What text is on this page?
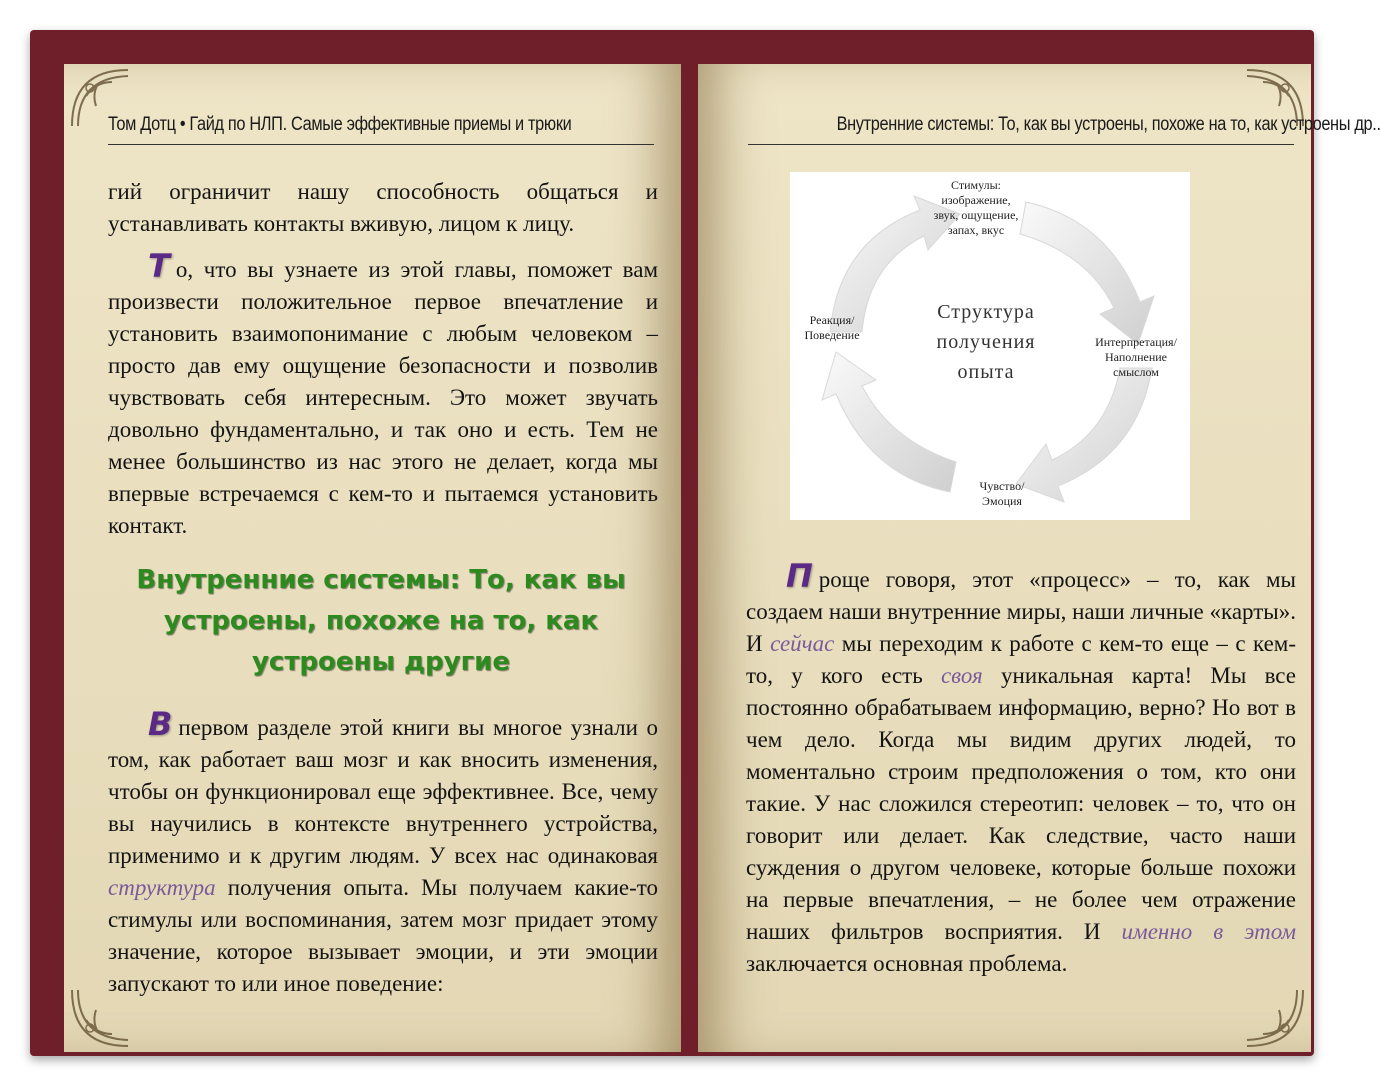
Том Дотц • Гайд по НЛП. Самые эффективные приемы и трюки

гий ограничит нашу способность общаться и устанавливать контакты вживую, лицом к лицу.

Т о, что вы узнаете из этой главы, поможет вам произвести положительное первое впечатление и установить взаимопонимание с любым человеком – просто дав ему ощущение безопасности и позволив чувствовать себя интересным. Это может звучать довольно фундаментально, и так оно и есть. Тем не менее большинство из нас этого не делает, когда мы впервые встречаемся с кем-то и пытаемся установить контакт.

Внутренние системы: То, как вы устроены, похоже на то, как устроены другие

В первом разделе этой книги вы многое узнали о том, как работает ваш мозг и как вносить изменения, чтобы он функционировал еще эффективнее. Все, чему вы научились в контексте внутреннего устройства, применимо и к другим людям. У всех нас одинаковая структура получения опыта. Мы получаем какие-то стимулы или воспоминания, затем мозг придает этому значение, которое вызывает эмоции, и эти эмоции запускают то или иное поведение:

Внутренние системы: То, как вы устроены, похоже на то, как устроены др..
Структура
получения
опыта
Стимулы:
изображение,
звук, ощущение,
запах, вкус
Интерпретация/
Наполнение
смыслом
Чувство/
Эмоция
Реакция/
Поведение

П роще говоря, этот «процесс» – то, как мы создаем наши внутренние миры, наши личные «карты». И сейчас мы переходим к работе с кем-то еще – с кем-то, у кого есть своя уникальная карта! Мы все постоянно обрабатываем информацию, верно? Но вот в чем дело. Когда мы видим других людей, то моментально строим предположения о том, кто они такие. У нас сложился стереотип: человек – то, что он говорит или делает. Как следствие, часто наши суждения о другом человеке, которые больше похожи на первые впечатления, – не более чем отражение наших фильтров восприятия. И именно в этом заключается основная проблема.
